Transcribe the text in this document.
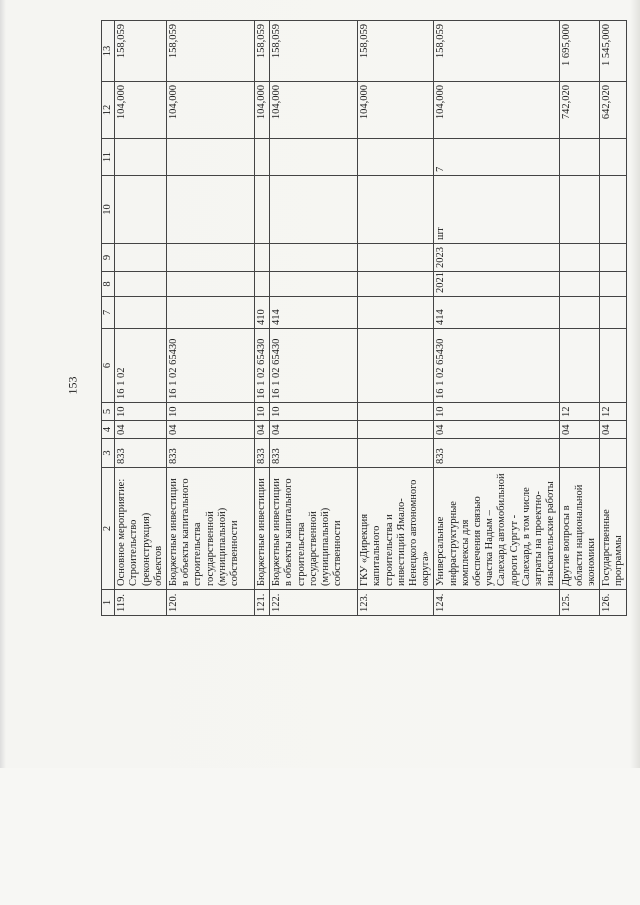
153
1	2	3	4	5	6	7	8	9	10	11	12	13
119.	Основное мероприятие: Строительство (реконструкция) объектов	833	04	10	16 1 02						104,000	158,059
120.	Бюджетные инвестиции в объекты капитального строительства государственной (муниципальной) собственности	833	04	10	16 1 02 65430						104,000	158,059
121.	Бюджетные инвестиции	833	04	10	16 1 02 65430	410					104,000	158,059
122.	Бюджетные инвестиции в объекты капитального строительства государственной (муниципальной) собственности	833	04	10	16 1 02 65430	414					104,000	158,059
123.	ГКУ «Дирекция капитального строительства и инвестиций Ямало-Ненецкого автономного округа»										104,000	158,059
124.	Универсальные инфраструктурные комплексы для обеспечения связью участка Надым – Салехард автомобильной дороги Сургут - Салехард, в том числе затраты на проектно-изыскательские работы	833	04	10	16 1 02 65430	414	2021	2023	шт	7	104,000	158,059
125.	Другие вопросы в области национальной экономики		04	12							742,020	1 695,000
126.	Государственные программы		04	12							642,020	1 545,000
